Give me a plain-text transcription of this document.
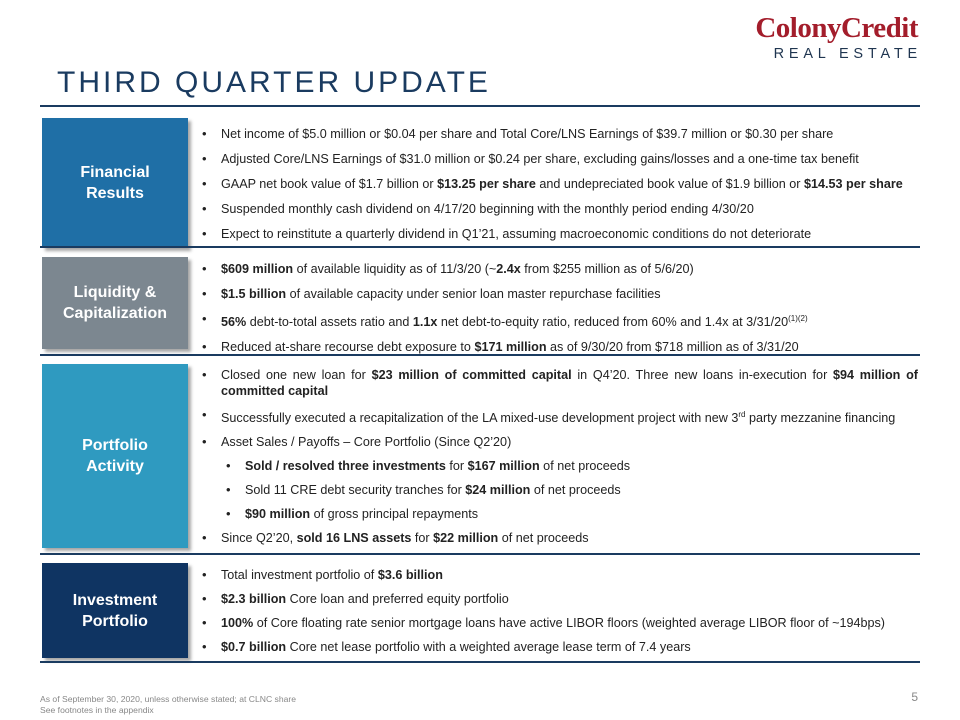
ColonyCredit
REAL ESTATE
THIRD QUARTER UPDATE
Financial
Results
• Net income of $5.0 million or $0.04 per share and Total Core/LNS Earnings of $39.7 million or $0.30 per share
• Adjusted Core/LNS Earnings of $31.0 million or $0.24 per share, excluding gains/losses and a one-time tax benefit
• GAAP net book value of $1.7 billion or $13.25 per share and undepreciated book value of $1.9 billion or $14.53 per share
• Suspended monthly cash dividend on 4/17/20 beginning with the monthly period ending 4/30/20
• Expect to reinstitute a quarterly dividend in Q1’21, assuming macroeconomic conditions do not deteriorate
Liquidity &
Capitalization
• $609 million of available liquidity as of 11/3/20 (~2.4x from $255 million as of 5/6/20)
• $1.5 billion of available capacity under senior loan master repurchase facilities
• 56% debt-to-total assets ratio and 1.1x net debt-to-equity ratio, reduced from 60% and 1.4x at $3/31/20^{(1)(2)}$
• Reduced at-share recourse debt exposure to $171 million as of 9/30/20 from $718 million as of 3/31/20
Portfolio
Activity
• Closed one new loan for $23 million of committed capital in Q4’20. Three new loans in-execution for $94 million of committed capital
• Successfully executed a recapitalization of the LA mixed-use development project with new 3rd party mezzanine financing
• Asset Sales / Payoffs – Core Portfolio (Since Q2’20)
• Sold / resolved three investments for $167 million of net proceeds
• Sold 11 CRE debt security tranches for $24 million of net proceeds
• $90 million of gross principal repayments
• Since Q2’20, sold 16 LNS assets for $22 million of net proceeds
Investment
Portfolio
• Total investment portfolio of $3.6 billion
• $2.3 billion Core loan and preferred equity portfolio
• 100% of Core floating rate senior mortgage loans have active LIBOR floors (weighted average LIBOR floor of ~194bps)
• $0.7 billion Core net lease portfolio with a weighted average lease term of 7.4 years
As of September 30, 2020, unless otherwise stated; at CLNC share
See footnotes in the appendix
5
